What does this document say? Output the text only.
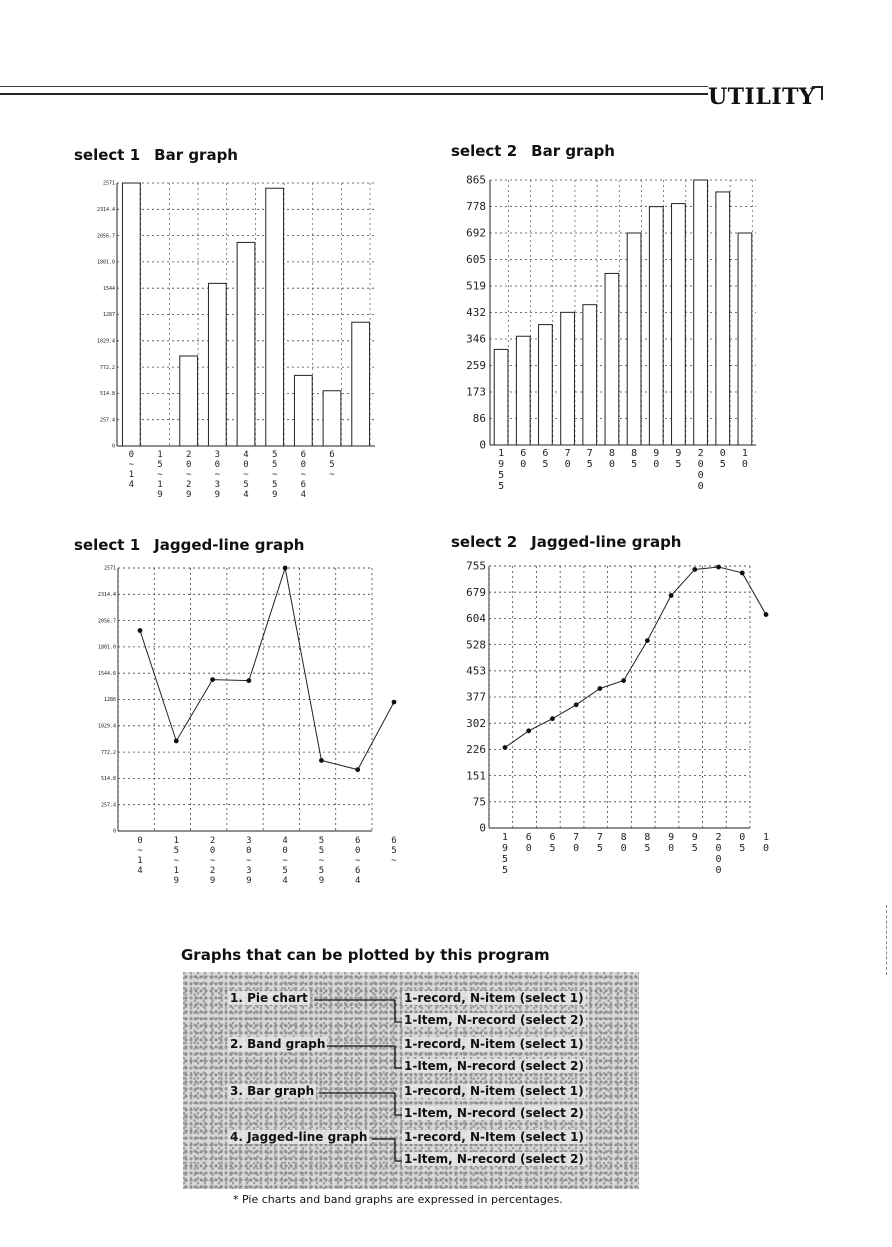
UTILITY
select 1 Bar graph	select 2 Bar graph
select 1 Jagged-line graph	select 2 Jagged-line graph
2571
2314.4
2056.7
1801.0
1544
1287
1029.4
772.2
514.8
257.4
0
0 ~ 1 4
1 5 ~ 1 9
2 0 ~ 2 9
3 0 ~ 3 9
4 0 ~ 5 4
5 5 ~ 5 9
6 0 ~ 6 4
6 5 ~
865
778
692
605
519
432
346
259
173
86
0
1 9 5 5
6 0
6 5
7 0
7 5
8 0
8 5
9 0
9 5
2 0 0 0
0 5
1 0
2571
2314.4
2056.7
1801.0
1544.6
1286
1029.4
772.2
514.8
257.4
0
0 ~ 1 4
1 5 ~ 1 9
2 0 ~ 2 9
3 0 ~ 3 9
4 0 ~ 5 4
5 5 ~ 5 9
6 0 ~ 6 4
6 5 ~
755
679
604
528
453
377
302
226
151
75
0
1 9 5 5
6 0
6 5
7 0
7 5
8 0
8 5
9 0
9 5
2 0 0 0
0 5
1 0
Graphs that can be plotted by this program
1. Pie chart	1-record, N-item (select 1)
1-Item, N-record (select 2)
2. Band graph	1-record, N-item (select 1)
1-Item, N-record (select 2)
3. Bar graph	1-record, N-item (select 1)
1-Item, N-record (select 2)
4. Jagged-line graph	1-record, N-Item (select 1)
1-Item, N-record (select 2)
* Pie charts and band graphs are expressed in percentages.
